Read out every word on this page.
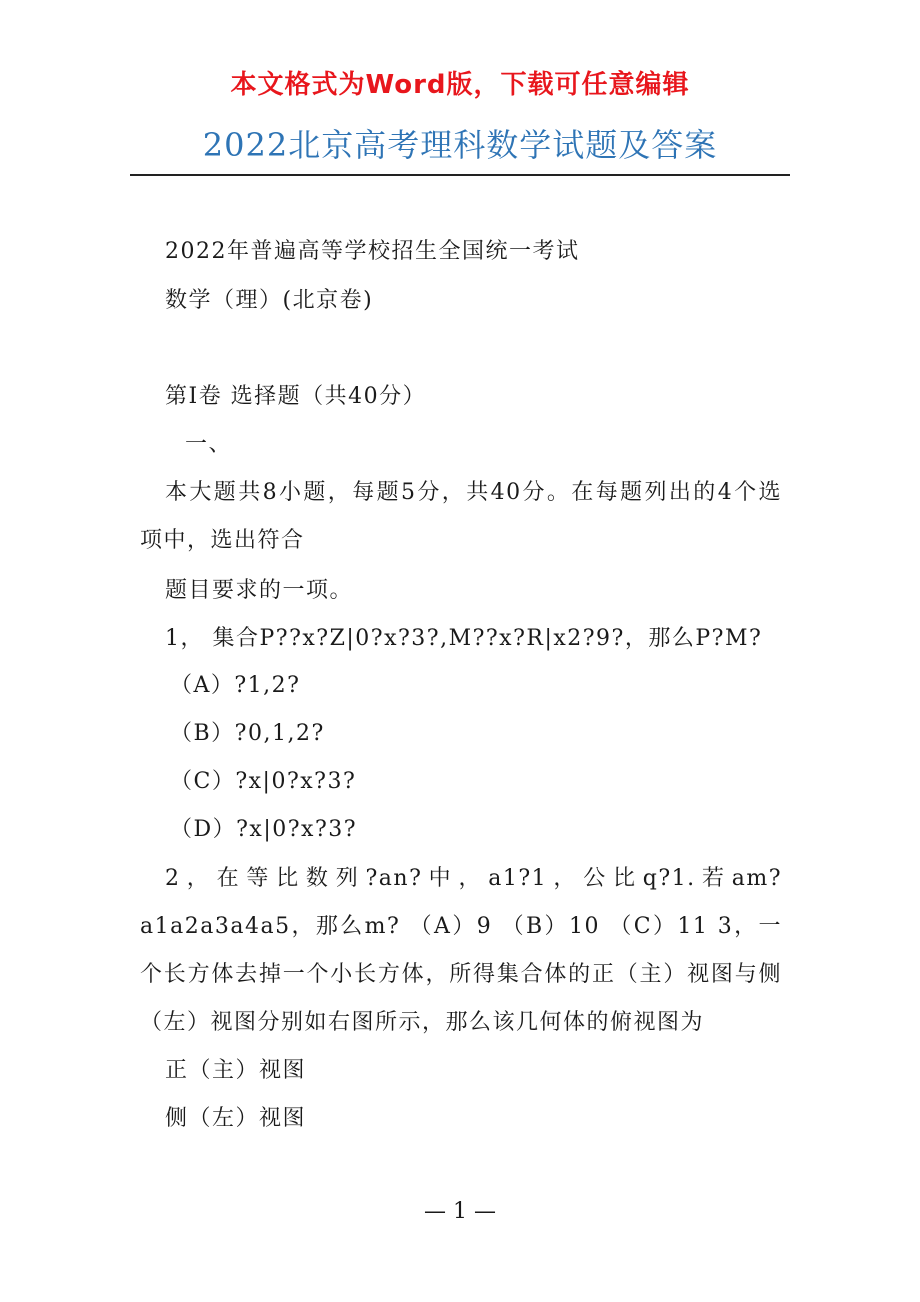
本文格式为Word版，下载可任意编辑
2022北京高考理科数学试题及答案
2022年普遍高等学校招生全国统一考试
数学（理）(北京卷)
第I卷 选择题（共40分）
一、
本大题共8小题，每题5分，共40分。在每题列出的4个选项中，选出符合
题目要求的一项。
1， 集合P??x?Z|0?x?3?,M??x?R|x2?9?，那么P?M?
（A）?1,2?
（B）?0,1,2?
（C）?x|0?x?3?
（D）?x|0?x?3?
2，在等比数列?an?中，a1?1，公比q?1.若am?a1a2a3a4a5，那么m? （A）9 （B）10 （C）11 3，一个长方体去掉一个小长方体，所得集合体的正（主）视图与侧（左）视图分别如右图所示，那么该几何体的俯视图为
正（主）视图
侧（左）视图
— 1 —
